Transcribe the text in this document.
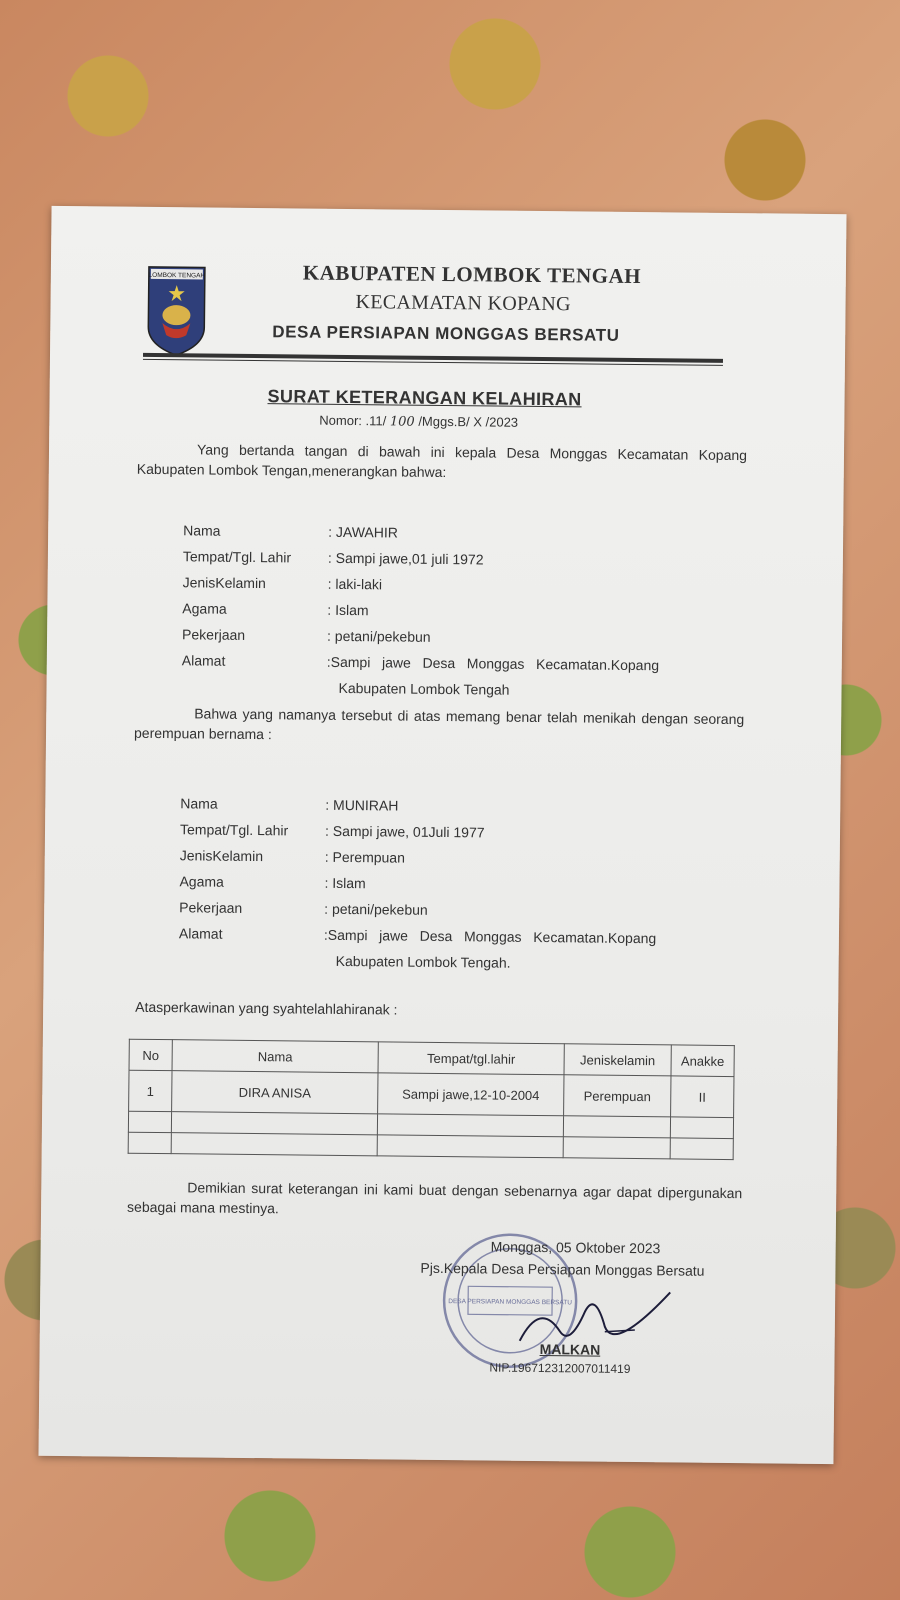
LOMBOK TENGAH	KABUPATEN LOMBOK TENGAH
KECAMATAN KOPANG
DESA PERSIAPAN MONGGAS BERSATU
SURAT KETERANGAN KELAHIRAN
Nomor: .11/ 100 /Mggs.B/ X /2023
Yang bertanda tangan di bawah ini kepala Desa Monggas Kecamatan Kopang Kabupaten Lombok Tengan,menerangkan bahwa:
Nama	: JAWAHIR
Tempat/Tgl. Lahir	: Sampi jawe,01 juli 1972
JenisKelamin	: laki-laki
Agama	: Islam
Pekerjaan	: petani/pekebun
Alamat	:Sampi   jawe   Desa   Monggas   Kecamatan.Kopang
Kabupaten Lombok Tengah
Bahwa yang namanya tersebut di atas memang benar telah menikah dengan seorang perempuan bernama :
Nama	: MUNIRAH
Tempat/Tgl. Lahir	: Sampi jawe, 01Juli 1977
JenisKelamin	: Perempuan
Agama	: Islam
Pekerjaan	: petani/pekebun
Alamat	:Sampi   jawe   Desa   Monggas   Kecamatan.Kopang
Kabupaten Lombok Tengah.
Atasperkawinan yang syahtelahlahiranak :
No	Nama	Tempat/tgl.lahir	Jeniskelamin	Anakke
1	DIRA ANISA	Sampi jawe,12-10-2004	Perempuan	II

Demikian surat keterangan ini kami buat dengan sebenarnya agar dapat dipergunakan sebagai mana mestinya.
DESA PERSIAPAN MONGGAS BERSATU
Monggas, 05 Oktober 2023
Pjs.Kepala Desa Persiapan Monggas Bersatu
MALKAN
NIP.196712312007011419
